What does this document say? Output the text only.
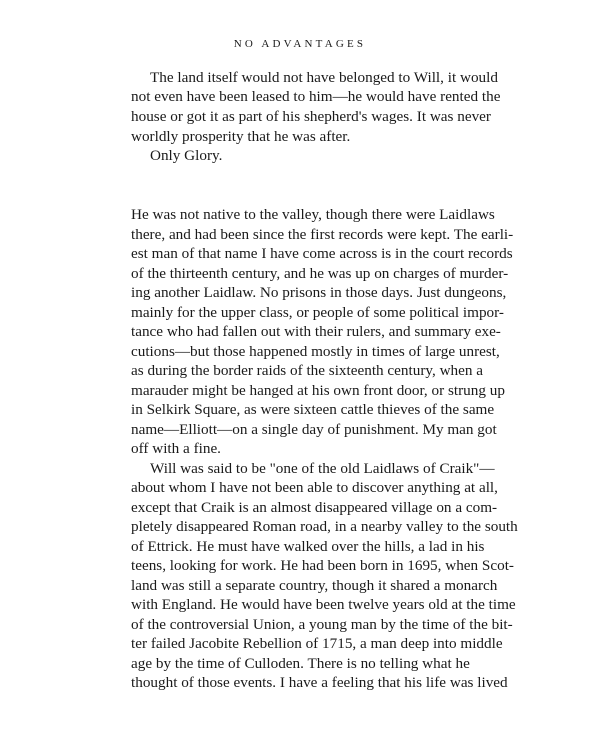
NO ADVANTAGES
The land itself would not have belonged to Will, it would
not even have been leased to him—he would have rented the
house or got it as part of his shepherd's wages. It was never
worldly prosperity that he was after.
Only Glory.
He was not native to the valley, though there were Laidlaws
there, and had been since the first records were kept. The earli-
est man of that name I have come across is in the court records
of the thirteenth century, and he was up on charges of murder-
ing another Laidlaw. No prisons in those days. Just dungeons,
mainly for the upper class, or people of some political impor-
tance who had fallen out with their rulers, and summary exe-
cutions—but those happened mostly in times of large unrest,
as during the border raids of the sixteenth century, when a
marauder might be hanged at his own front door, or strung up
in Selkirk Square, as were sixteen cattle thieves of the same
name—Elliott—on a single day of punishment. My man got
off with a fine.
Will was said to be "one of the old Laidlaws of Craik"—
about whom I have not been able to discover anything at all,
except that Craik is an almost disappeared village on a com-
pletely disappeared Roman road, in a nearby valley to the south
of Ettrick. He must have walked over the hills, a lad in his
teens, looking for work. He had been born in 1695, when Scot-
land was still a separate country, though it shared a monarch
with England. He would have been twelve years old at the time
of the controversial Union, a young man by the time of the bit-
ter failed Jacobite Rebellion of 1715, a man deep into middle
age by the time of Culloden. There is no telling what he
thought of those events. I have a feeling that his life was lived
